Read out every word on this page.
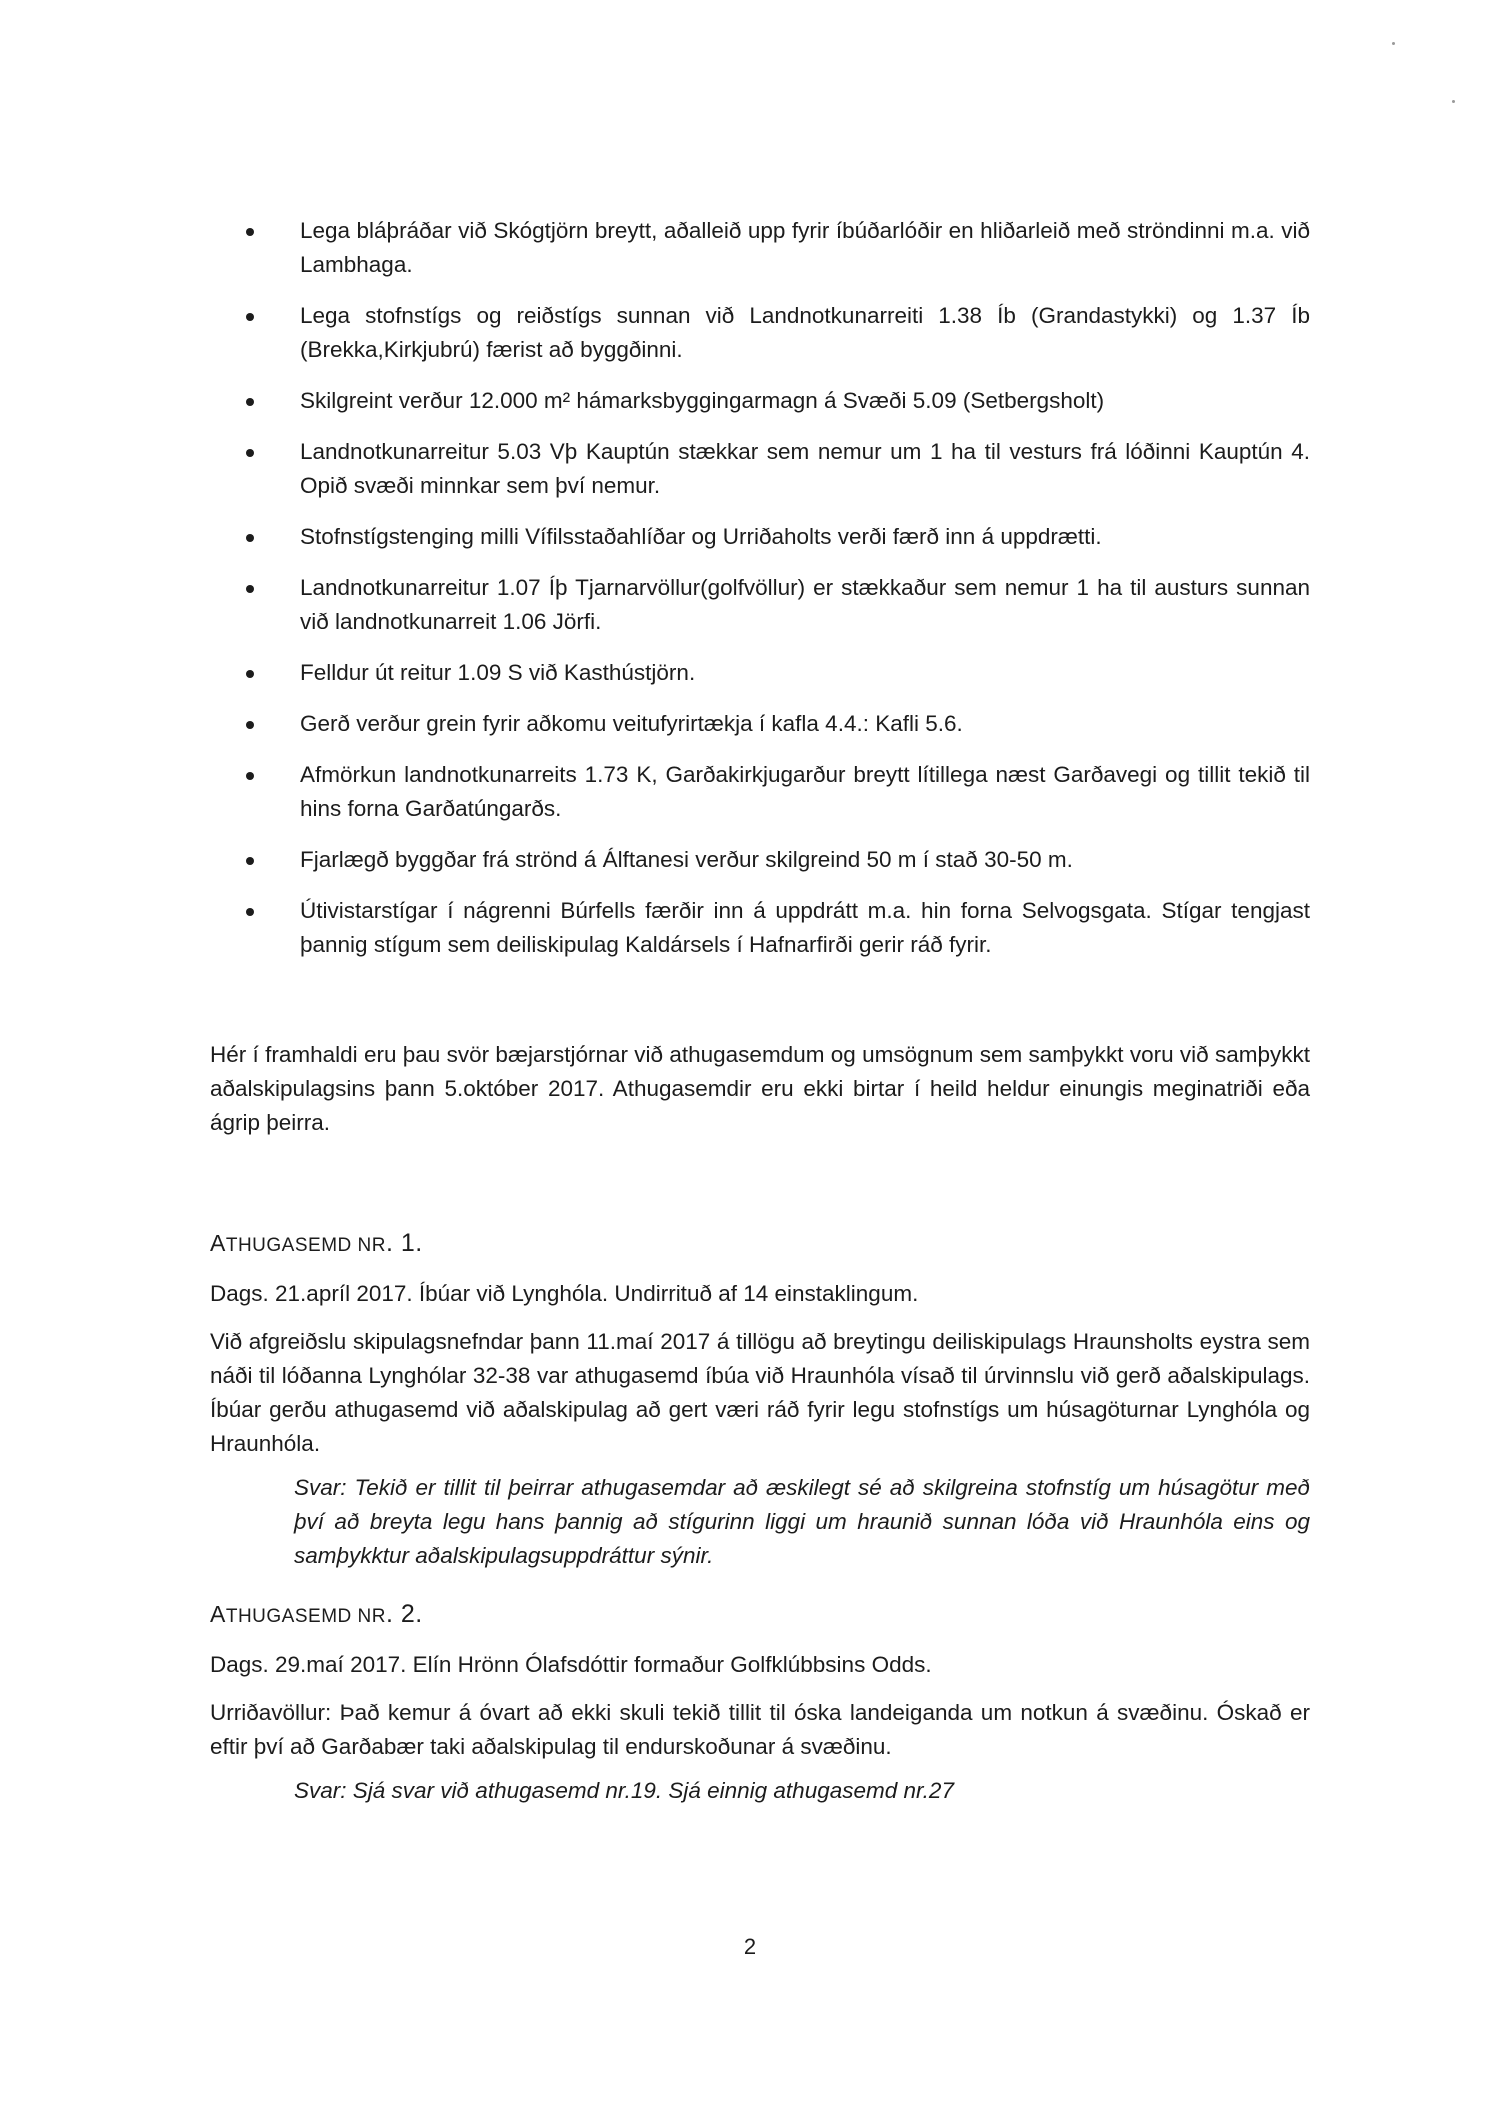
Lega bláþráðar við Skógtjörn breytt, aðalleið upp fyrir íbúðarlóðir en hliðarleið með ströndinni m.a. við Lambhaga.
Lega stofnstígs og reiðstígs sunnan við Landnotkunarreiti 1.38 Íb (Grandastykki) og 1.37 Íb (Brekka,Kirkjubrú) færist að byggðinni.
Skilgreint verður 12.000 m² hámarksbyggingarmagn á Svæði 5.09 (Setbergsholt)
Landnotkunarreitur 5.03 Vþ Kauptún stækkar sem nemur um 1 ha til vesturs frá lóðinni Kauptún 4. Opið svæði minnkar sem því nemur.
Stofnstígstenging milli Vífilsstaðahlíðar og Urriðaholts verði færð inn á uppdrætti.
Landnotkunarreitur 1.07 Íþ Tjarnarvöllur(golfvöllur) er stækkaður sem nemur 1 ha til austurs sunnan við landnotkunarreit 1.06 Jörfi.
Felldur út reitur 1.09 S við Kasthústjörn.
Gerð verður grein fyrir aðkomu veitufyrirtækja í kafla 4.4.: Kafli 5.6.
Afmörkun landnotkunarreits 1.73 K, Garðakirkjugarður breytt lítillega næst Garðavegi og tillit tekið til hins forna Garðatúngarðs.
Fjarlægð byggðar frá strönd á Álftanesi verður skilgreind 50 m í stað 30-50 m.
Útivistarstígar í nágrenni Búrfells færðir inn á uppdrátt m.a. hin forna Selvogsgata. Stígar tengjast þannig stígum sem deiliskipulag Kaldársels í Hafnarfirði gerir ráð fyrir.
Hér í framhaldi eru þau svör bæjarstjórnar við athugasemdum og umsögnum sem samþykkt voru við samþykkt aðalskipulagsins þann 5.október 2017. Athugasemdir eru ekki birtar í heild heldur einungis meginatriði eða ágrip þeirra.
ATHUGASEMD NR. 1.
Dags. 21.apríl 2017. Íbúar við Lynghóla. Undirrituð af 14 einstaklingum.
Við afgreiðslu skipulagsnefndar þann 11.maí 2017 á tillögu að breytingu deiliskipulags Hraunsholts eystra sem náði til lóðanna Lynghólar 32-38 var athugasemd íbúa við Hraunhóla vísað til úrvinnslu við gerð aðalskipulags. Íbúar gerðu athugasemd við aðalskipulag að gert væri ráð fyrir legu stofnstígs um húsagöturnar Lynghóla og Hraunhóla.
Svar: Tekið er tillit til þeirrar athugasemdar að æskilegt sé að skilgreina stofnstíg um húsagötur með því að breyta legu hans þannig að stígurinn liggi um hraunið sunnan lóða við Hraunhóla eins og samþykktur aðalskipulagsuppdráttur sýnir.
ATHUGASEMD NR. 2.
Dags. 29.maí 2017. Elín Hrönn Ólafsdóttir formaður Golfklúbbsins Odds.
Urriðavöllur: Það kemur á óvart að ekki skuli tekið tillit til óska landeiganda um notkun á svæðinu. Óskað er eftir því að Garðabær taki aðalskipulag til endurskoðunar á svæðinu.
Svar: Sjá svar við athugasemd nr.19. Sjá einnig athugasemd nr.27
2
